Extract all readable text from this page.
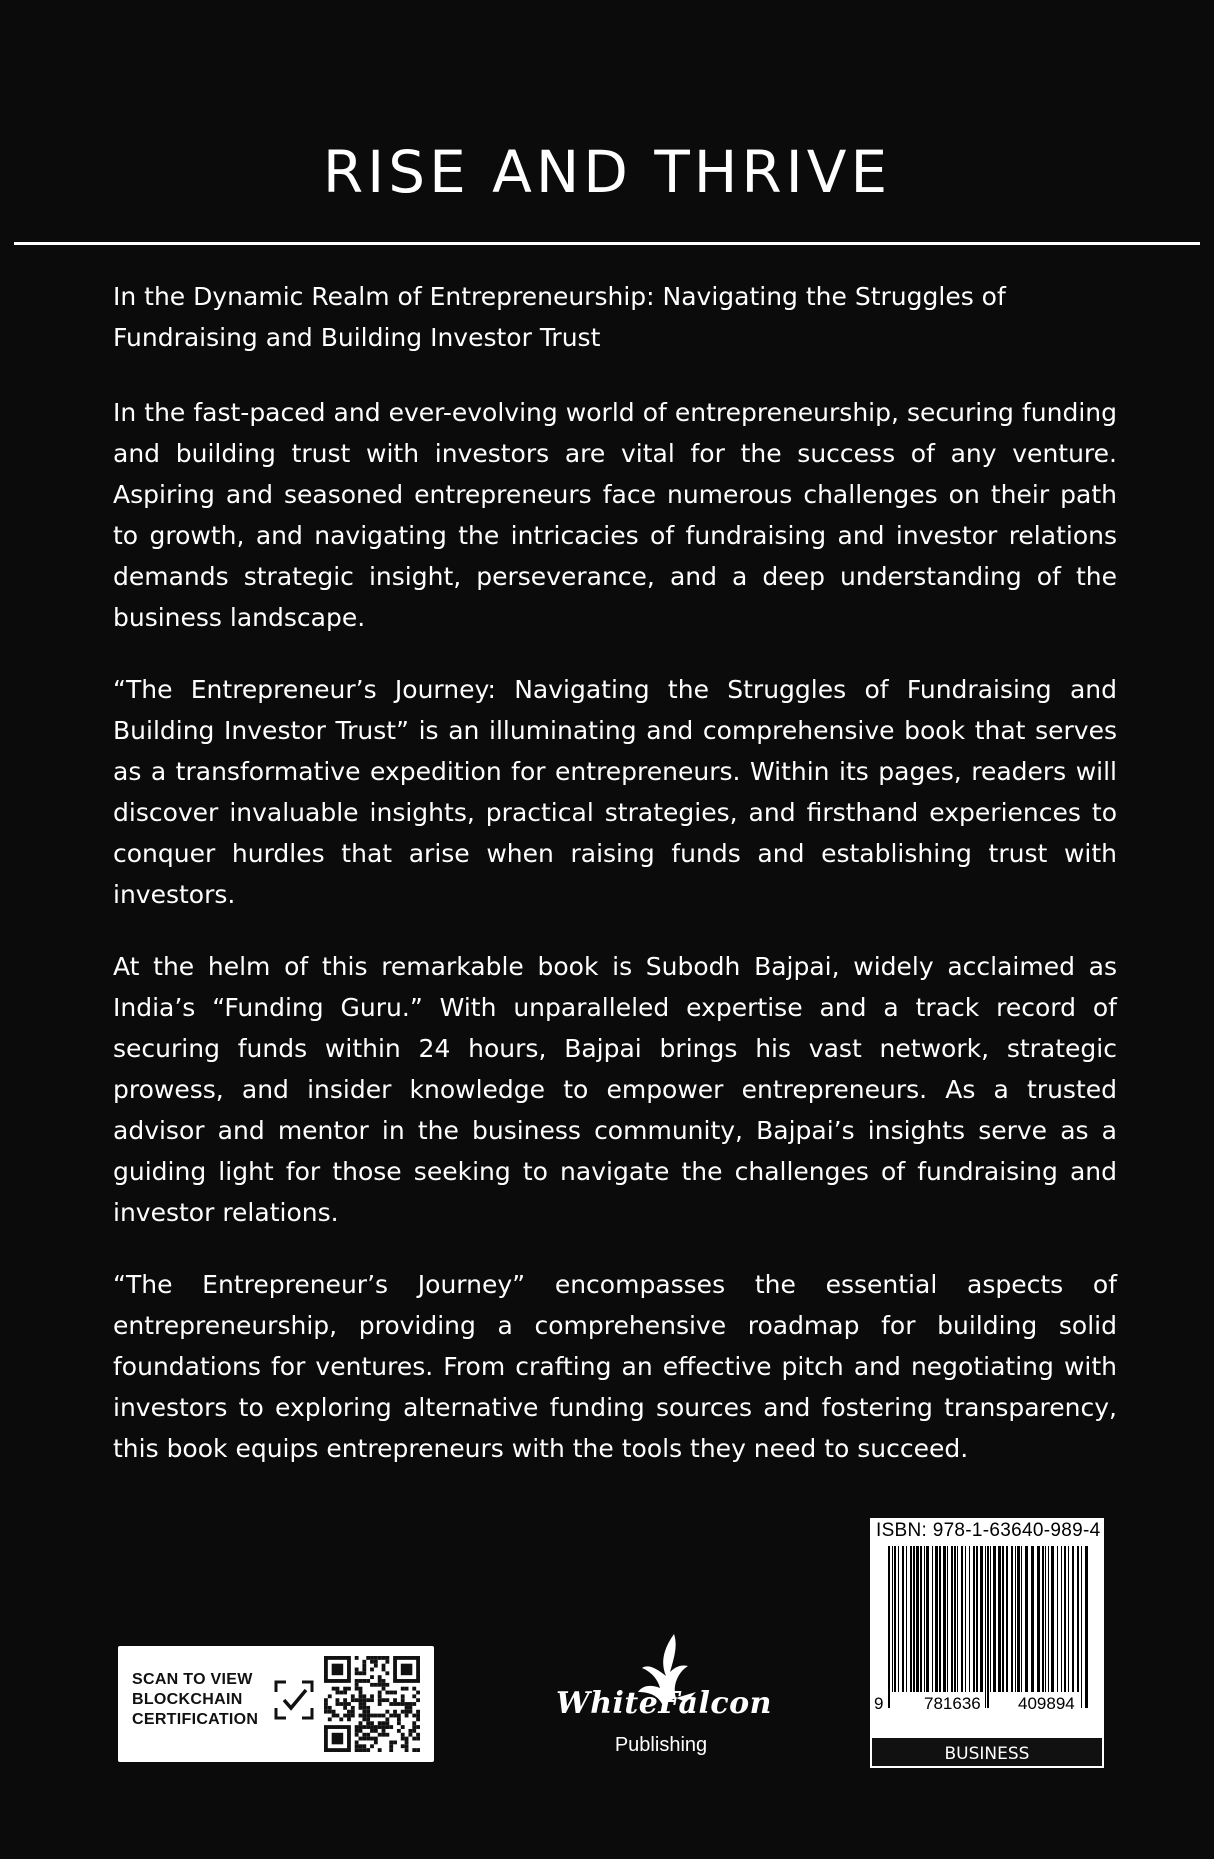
RISE AND THRIVE

In the Dynamic Realm of Entrepreneurship: Navigating the Struggles of Fundraising and Building Investor Trust

In the fast-paced and ever-evolving world of entrepreneurship, securing funding and building trust with investors are vital for the success of any venture. Aspiring and seasoned entrepreneurs face numerous challenges on their path to growth, and navigating the intricacies of fundraising and investor relations demands strategic insight, perseverance, and a deep understanding of the business landscape.

“The Entrepreneur’s Journey: Navigating the Struggles of Fundraising and Building Investor Trust” is an illuminating and comprehensive book that serves as a transformative expedition for entrepreneurs. Within its pages, readers will discover invaluable insights, practical strategies, and firsthand experiences to conquer hurdles that arise when raising funds and establishing trust with investors.

At the helm of this remarkable book is Subodh Bajpai, widely acclaimed as India’s “Funding Guru.” With unparalleled expertise and a track record of securing funds within 24 hours, Bajpai brings his vast network, strategic prowess, and insider knowledge to empower entrepreneurs. As a trusted advisor and mentor in the business community, Bajpai’s insights serve as a guiding light for those seeking to navigate the challenges of fundraising and investor relations.

“The Entrepreneur’s Journey” encompasses the essential aspects of entrepreneurship, providing a comprehensive roadmap for building solid foundations for ventures. From crafting an effective pitch and negotiating with investors to exploring alternative funding sources and fostering transparency, this book equips entrepreneurs with the tools they need to succeed.

SCAN TO VIEW
BLOCKCHAIN
CERTIFICATION	WhiteFalcon
Publishing
ISBN: 978-1-63640-989-4
9 781636 409894
BUSINESS
